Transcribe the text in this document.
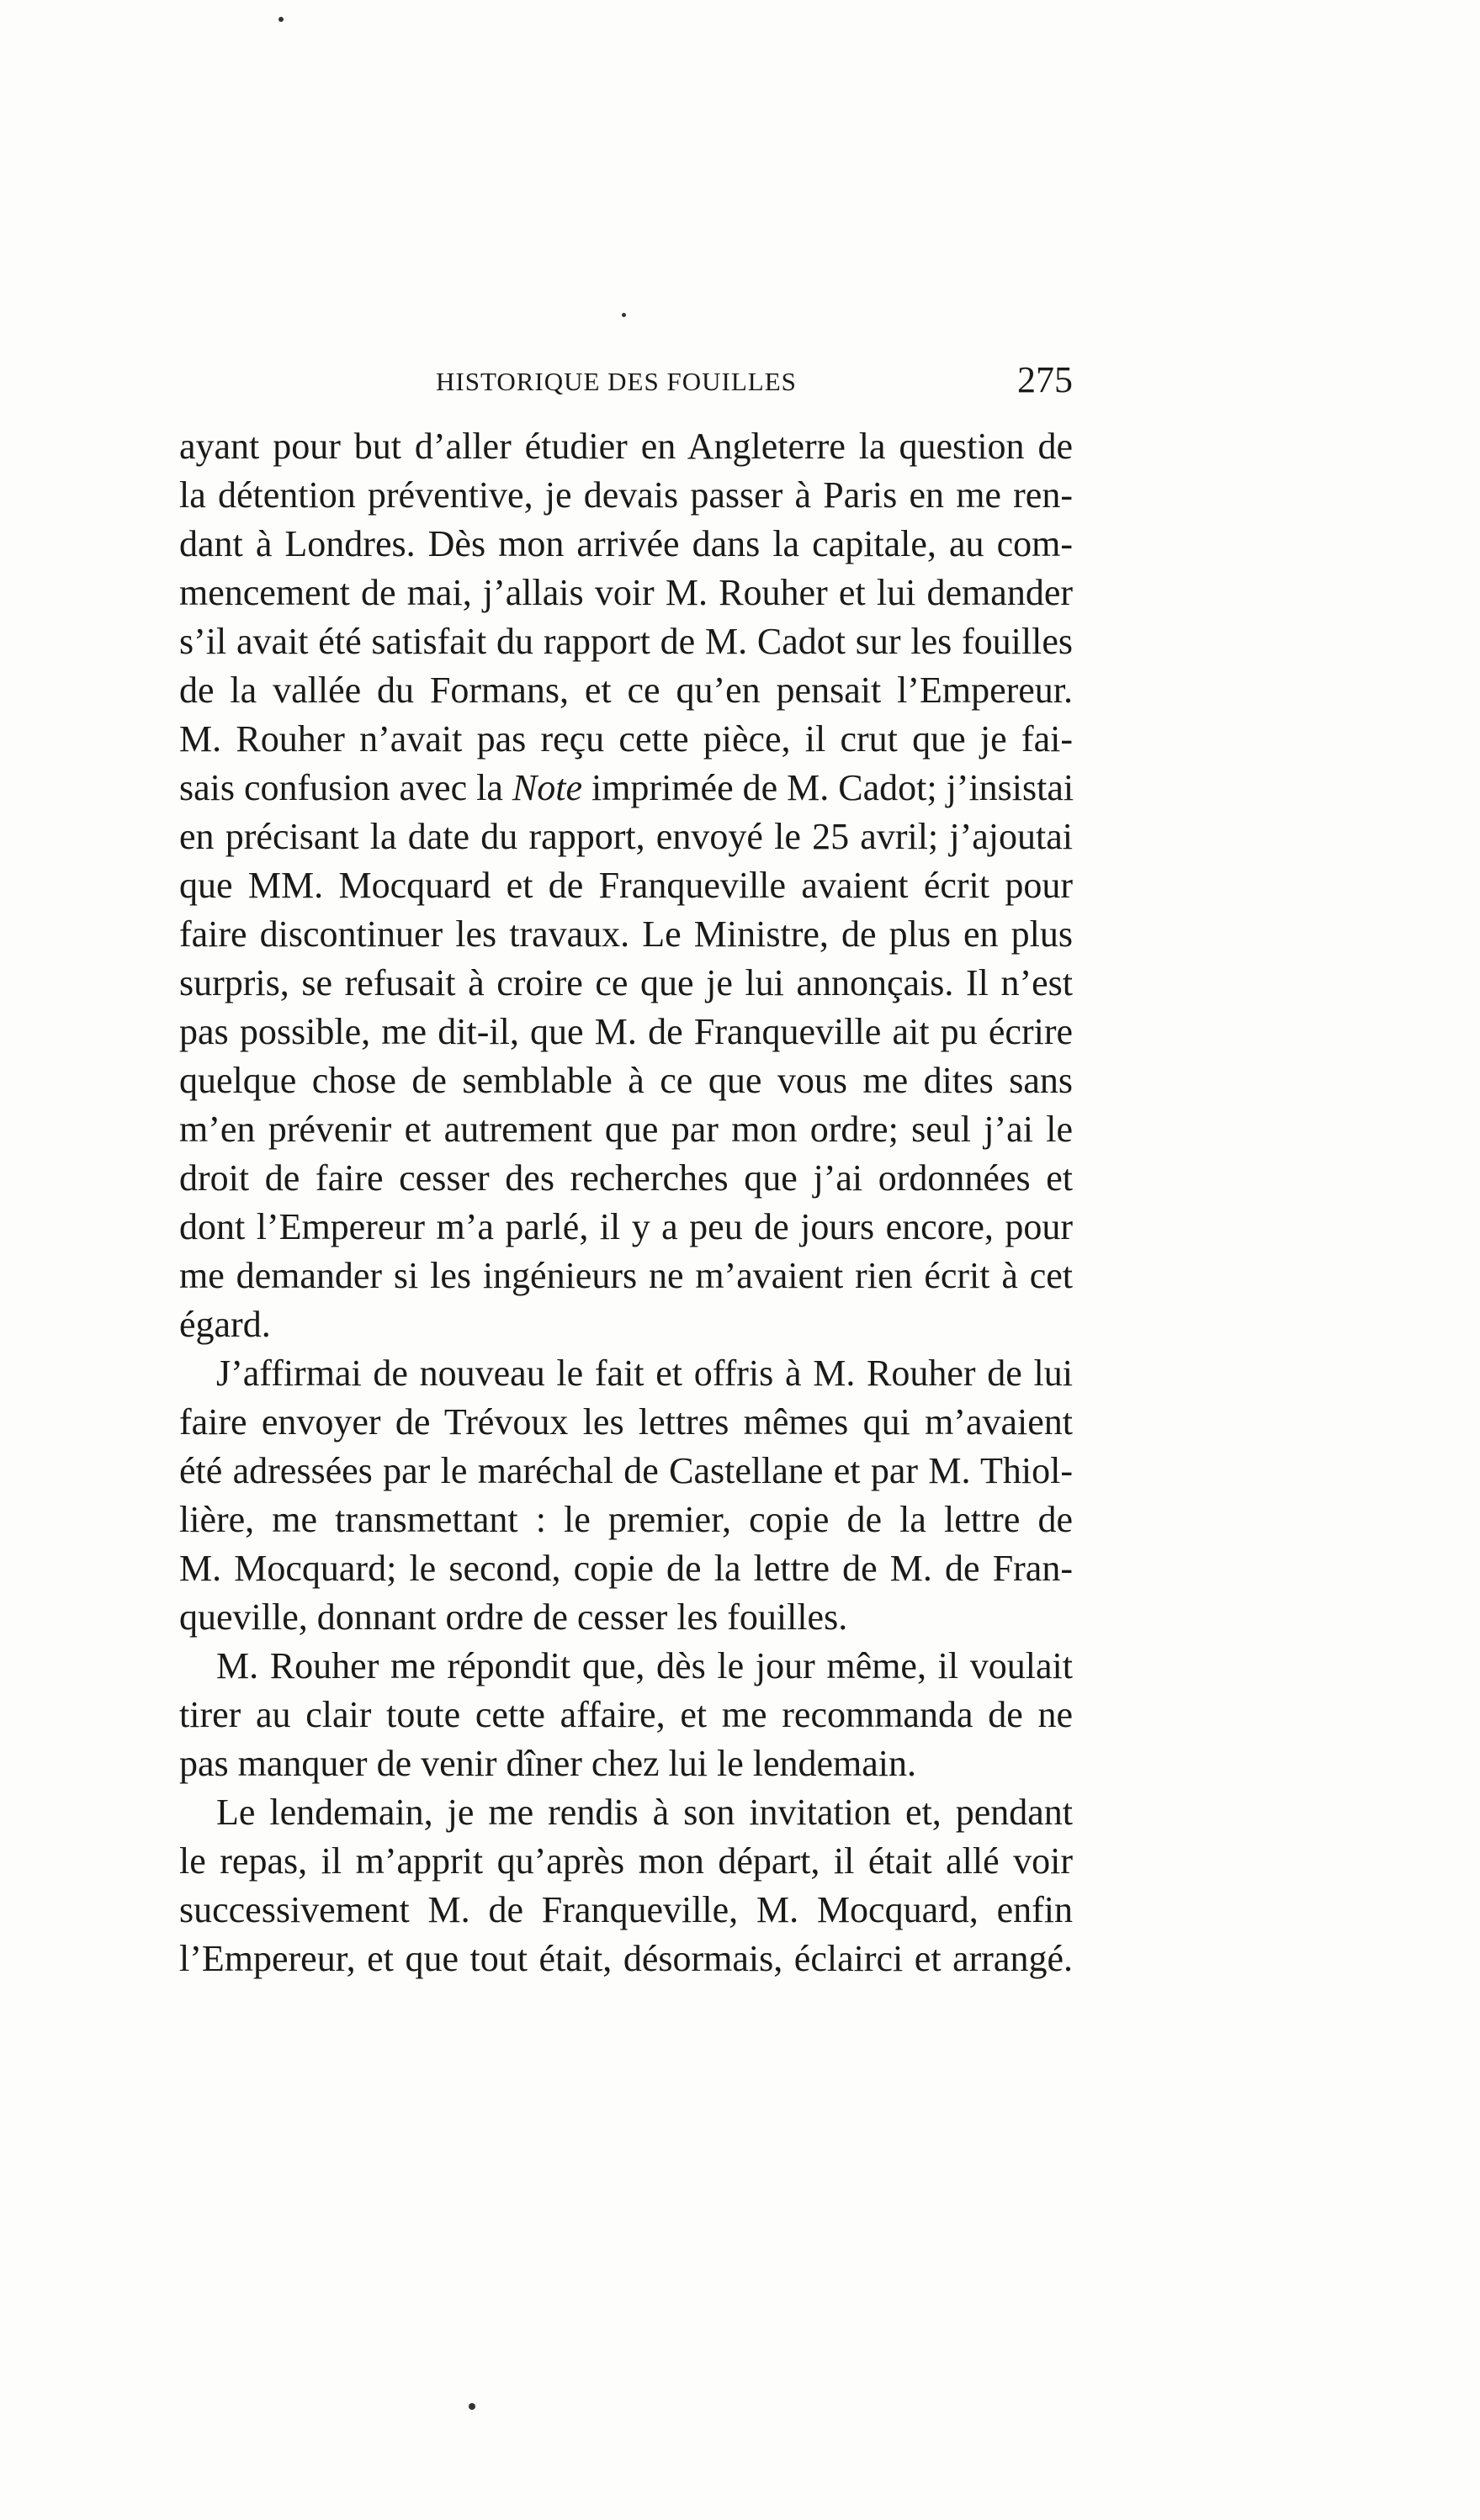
HISTORIQUE DES FOUILLES	275
ayant pour but d’aller étudier en Angleterre la question de
la détention préventive, je devais passer à Paris en me ren-
dant à Londres. Dès mon arrivée dans la capitale, au com-
mencement de mai, j’allais voir M. Rouher et lui demander
s’il avait été satisfait du rapport de M. Cadot sur les fouilles
de la vallée du Formans, et ce qu’en pensait l’Empereur.
M. Rouher n’avait pas reçu cette pièce, il crut que je fai-
sais confusion avec la Note imprimée de M. Cadot; j’insistai
en précisant la date du rapport, envoyé le 25 avril; j’ajoutai
que MM. Mocquard et de Franqueville avaient écrit pour
faire discontinuer les travaux. Le Ministre, de plus en plus
surpris, se refusait à croire ce que je lui annonçais. Il n’est
pas possible, me dit-il, que M. de Franqueville ait pu écrire
quelque chose de semblable à ce que vous me dites sans
m’en prévenir et autrement que par mon ordre; seul j’ai le
droit de faire cesser des recherches que j’ai ordonnées et
dont l’Empereur m’a parlé, il y a peu de jours encore, pour
me demander si les ingénieurs ne m’avaient rien écrit à cet
égard.
J’affirmai de nouveau le fait et offris à M. Rouher de lui
faire envoyer de Trévoux les lettres mêmes qui m’avaient
été adressées par le maréchal de Castellane et par M. Thiol-
lière, me transmettant : le premier, copie de la lettre de
M. Mocquard; le second, copie de la lettre de M. de Fran-
queville, donnant ordre de cesser les fouilles.
M. Rouher me répondit que, dès le jour même, il voulait
tirer au clair toute cette affaire, et me recommanda de ne
pas manquer de venir dîner chez lui le lendemain.
Le lendemain, je me rendis à son invitation et, pendant
le repas, il m’apprit qu’après mon départ, il était allé voir
successivement M. de Franqueville, M. Mocquard, enfin
l’Empereur, et que tout était, désormais, éclairci et arrangé.
